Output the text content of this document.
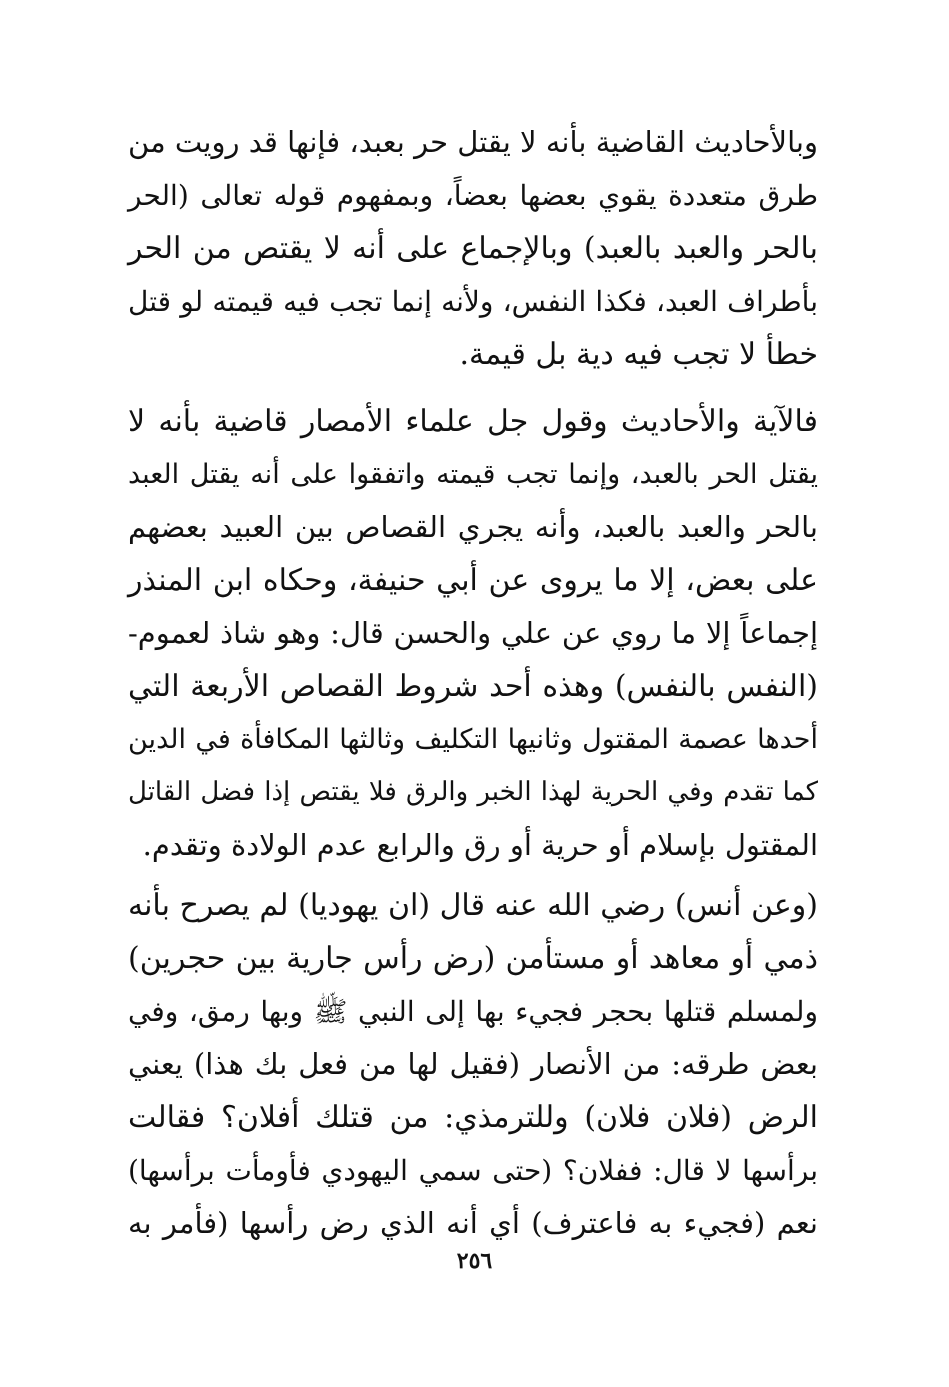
وبالأحاديث القاضية بأنه لا يقتل حر بعبد، فإنها قد رويت من
طرق متعددة يقوي بعضها بعضاً، وبمفهوم قوله تعالى (الحر
بالحر والعبد بالعبد) وبالإجماع على أنه لا يقتص من الحر
بأطراف العبد، فكذا النفس، ولأنه إنما تجب فيه قيمته لو قتل
خطأ لا تجب فيه دية بل قيمة.
فالآية والأحاديث وقول جل علماء الأمصار قاضية بأنه لا
يقتل الحر بالعبد، وإنما تجب قيمته واتفقوا على أنه يقتل العبد
بالحر والعبد بالعبد، وأنه يجري القصاص بين العبيد بعضهم
على بعض، إلا ما يروى عن أبي حنيفة، وحكاه ابن المنذر
إجماعاً إلا ما روي عن علي والحسن قال: وهو شاذ لعموم-
(النفس بالنفس) وهذه أحد شروط القصاص الأربعة التي
أحدها عصمة المقتول وثانيها التكليف وثالثها المكافأة في الدين
كما تقدم وفي الحرية لهذا الخبر والرق فلا يقتص إذا فضل القاتل
المقتول بإسلام أو حرية أو رق والرابع عدم الولادة وتقدم.
(وعن أنس) رضي الله عنه قال (ان يهوديا) لم يصرح بأنه
ذمي أو معاهد أو مستأمن (رض رأس جارية بين حجرين)
ولمسلم قتلها بحجر فجيء بها إلى النبي ﷺ وبها رمق، وفي
بعض طرقه: من الأنصار (فقيل لها من فعل بك هذا) يعني
الرض (فلان فلان) وللترمذي: من قتلك أفلان؟ فقالت
برأسها لا قال: ففلان؟ (حتى سمي اليهودي فأومأت برأسها)
نعم (فجيء به فاعترف) أي أنه الذي رض رأسها (فأمر به
٢٥٦
